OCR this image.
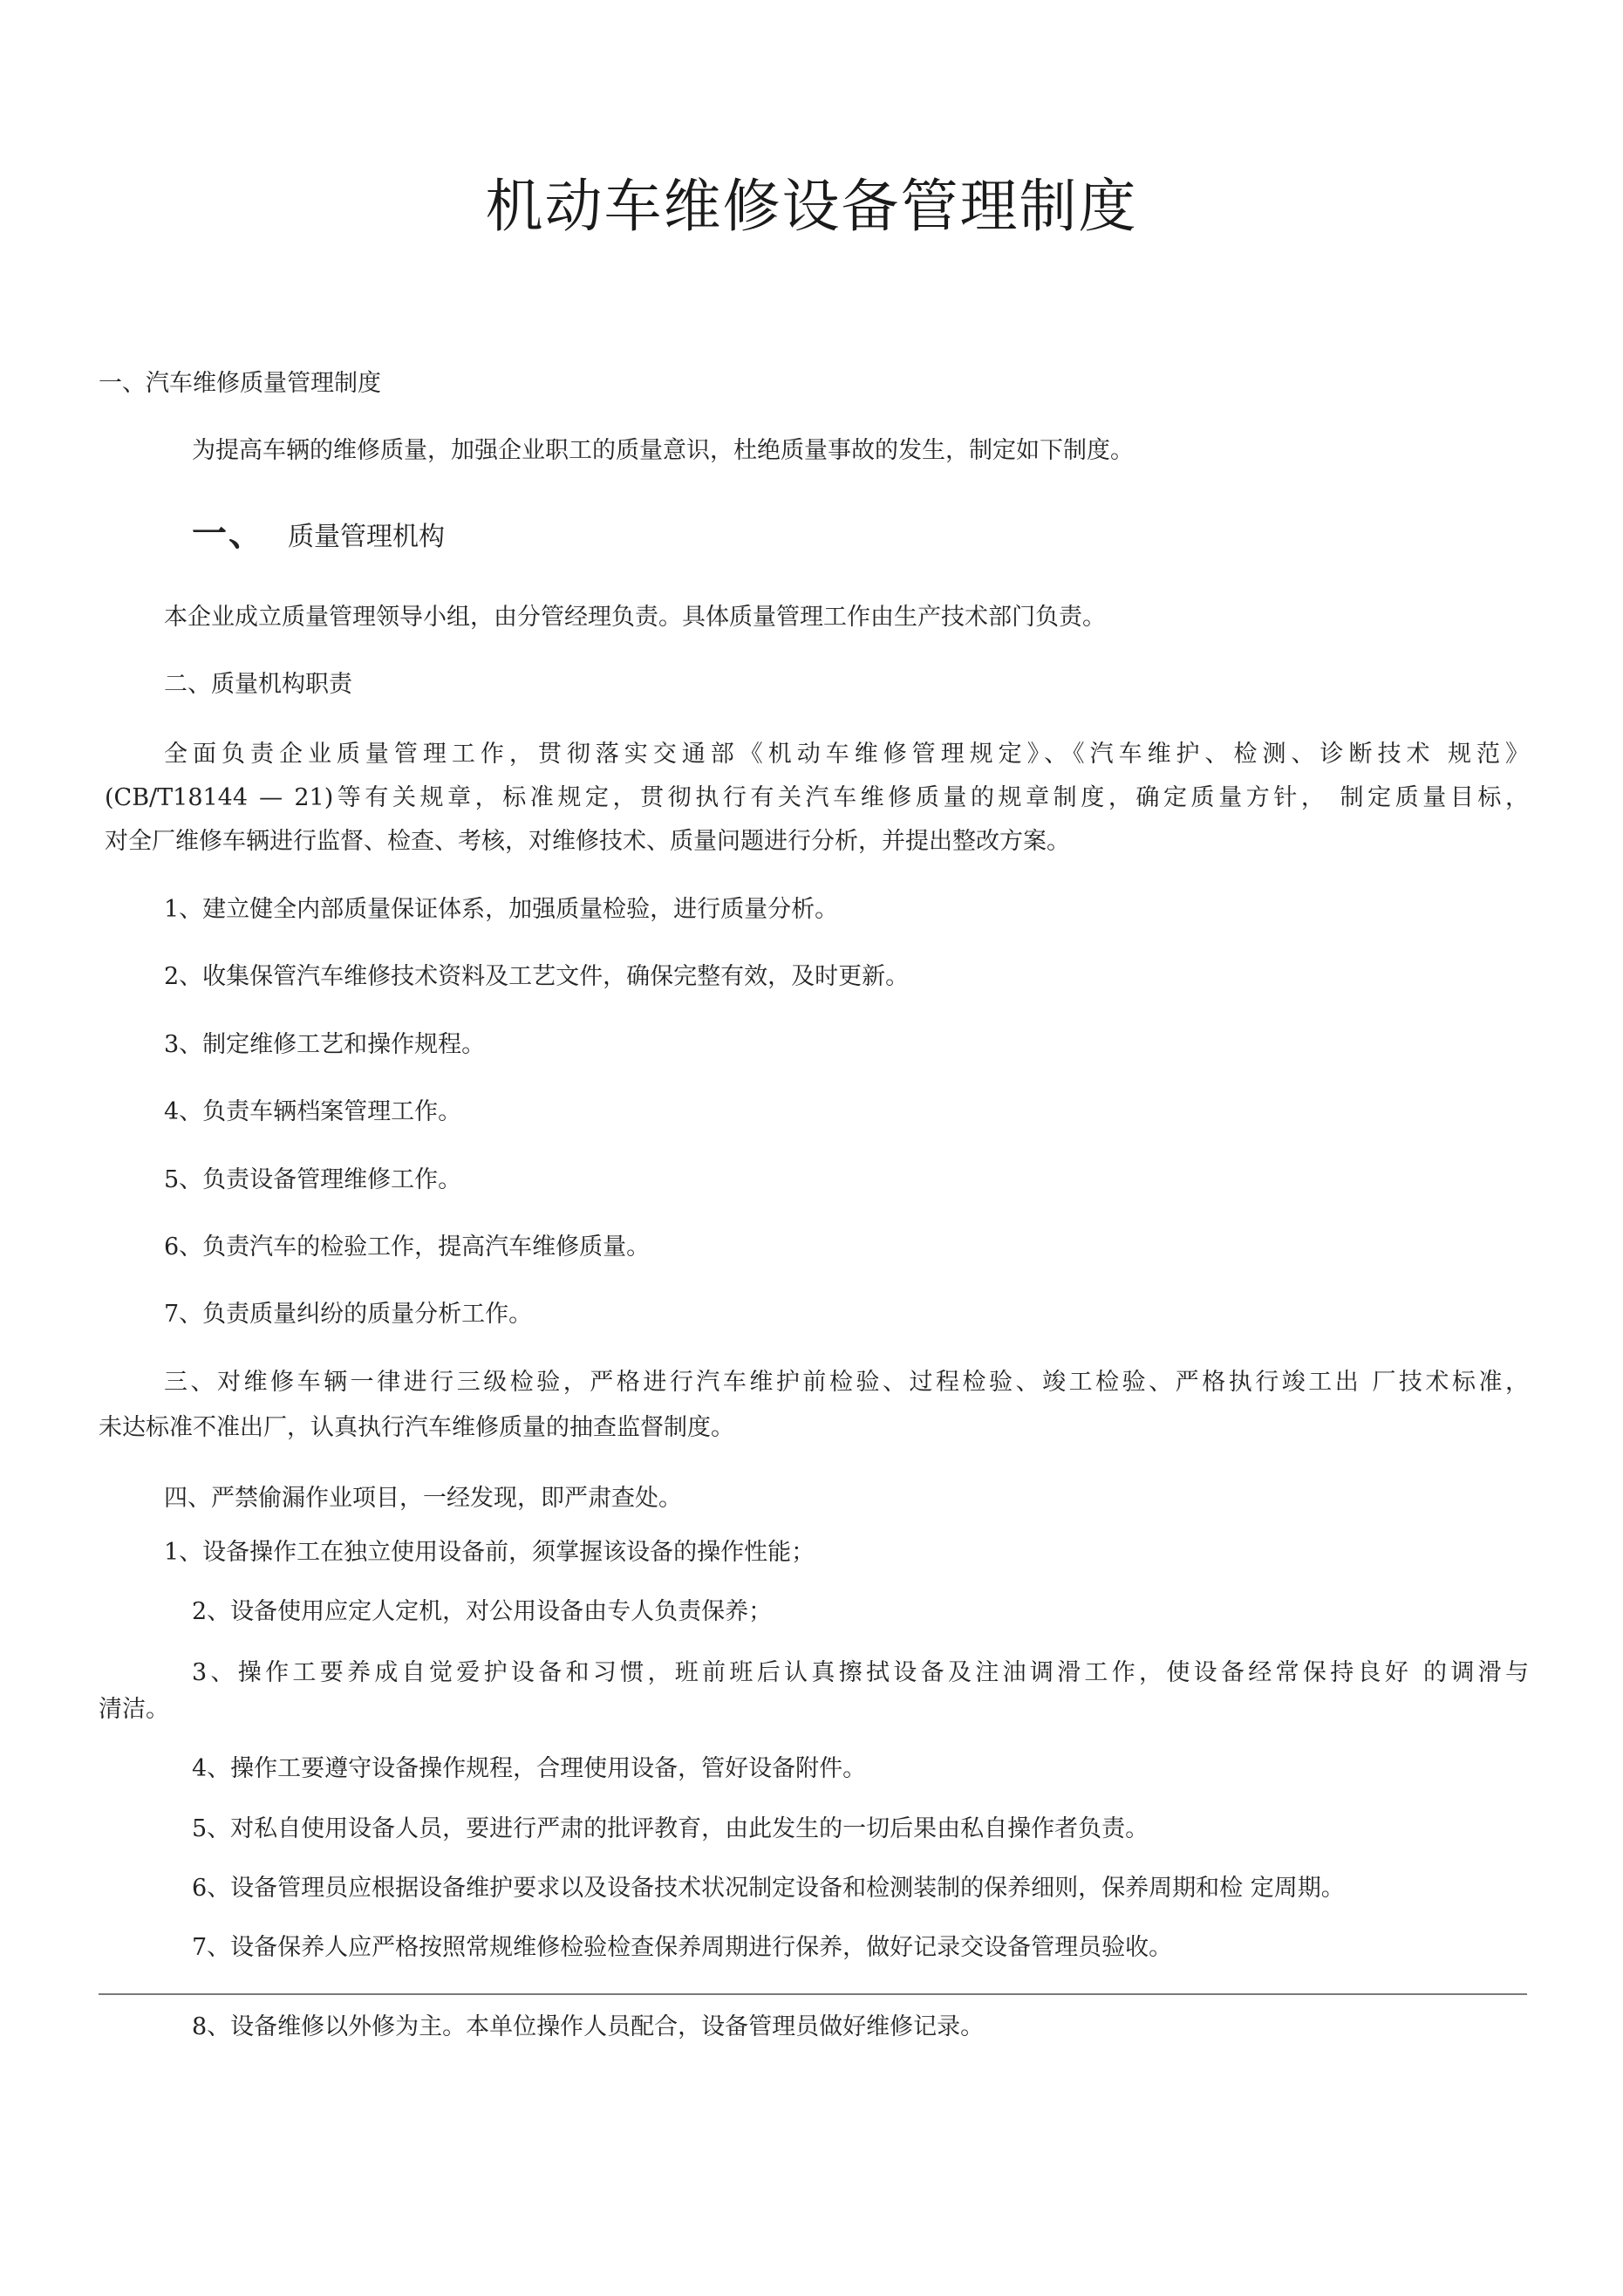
机动车维修设备管理制度
一、汽车维修质量管理制度
为提高车辆的维修质量，加强企业职工的质量意识，杜绝质量事故的发生，制定如下制度。
一、 质量管理机构
本企业成立质量管理领导小组，由分管经理负责。具体质量管理工作由生产技术部门负责。
二、质量机构职责
全面负责企业质量管理工作，贯彻落实交通部《机动车维修管理规定》、《汽车维护、检测、诊断技术 规范》
(CB/T18144 — 21)等有关规章，标准规定，贯彻执行有关汽车维修质量的规章制度，确定质量方针， 制定质量目标，
对全厂维修车辆进行监督、检查、考核，对维修技术、质量问题进行分析，并提出整改方案。
1、建立健全内部质量保证体系，加强质量检验，进行质量分析。
2、收集保管汽车维修技术资料及工艺文件，确保完整有效，及时更新。
3、制定维修工艺和操作规程。
4、负责车辆档案管理工作。
5、负责设备管理维修工作。
6、负责汽车的检验工作，提高汽车维修质量。
7、负责质量纠纷的质量分析工作。
三、对维修车辆一律进行三级检验，严格进行汽车维护前检验、过程检验、竣工检验、严格执行竣工出 厂技术标准，
未达标准不准出厂，认真执行汽车维修质量的抽查监督制度。
四、严禁偷漏作业项目，一经发现，即严肃查处。
1、设备操作工在独立使用设备前，须掌握该设备的操作性能；
2、设备使用应定人定机，对公用设备由专人负责保养；
3、操作工要养成自觉爱护设备和习惯，班前班后认真擦拭设备及注油调滑工作，使设备经常保持良好 的调滑与
清洁。
4、操作工要遵守设备操作规程，合理使用设备，管好设备附件。
5、对私自使用设备人员，要进行严肃的批评教育，由此发生的一切后果由私自操作者负责。
6、设备管理员应根据设备维护要求以及设备技术状况制定设备和检测装制的保养细则，保养周期和检 定周期。
7、设备保养人应严格按照常规维修检验检查保养周期进行保养，做好记录交设备管理员验收。
8、设备维修以外修为主。本单位操作人员配合，设备管理员做好维修记录。
